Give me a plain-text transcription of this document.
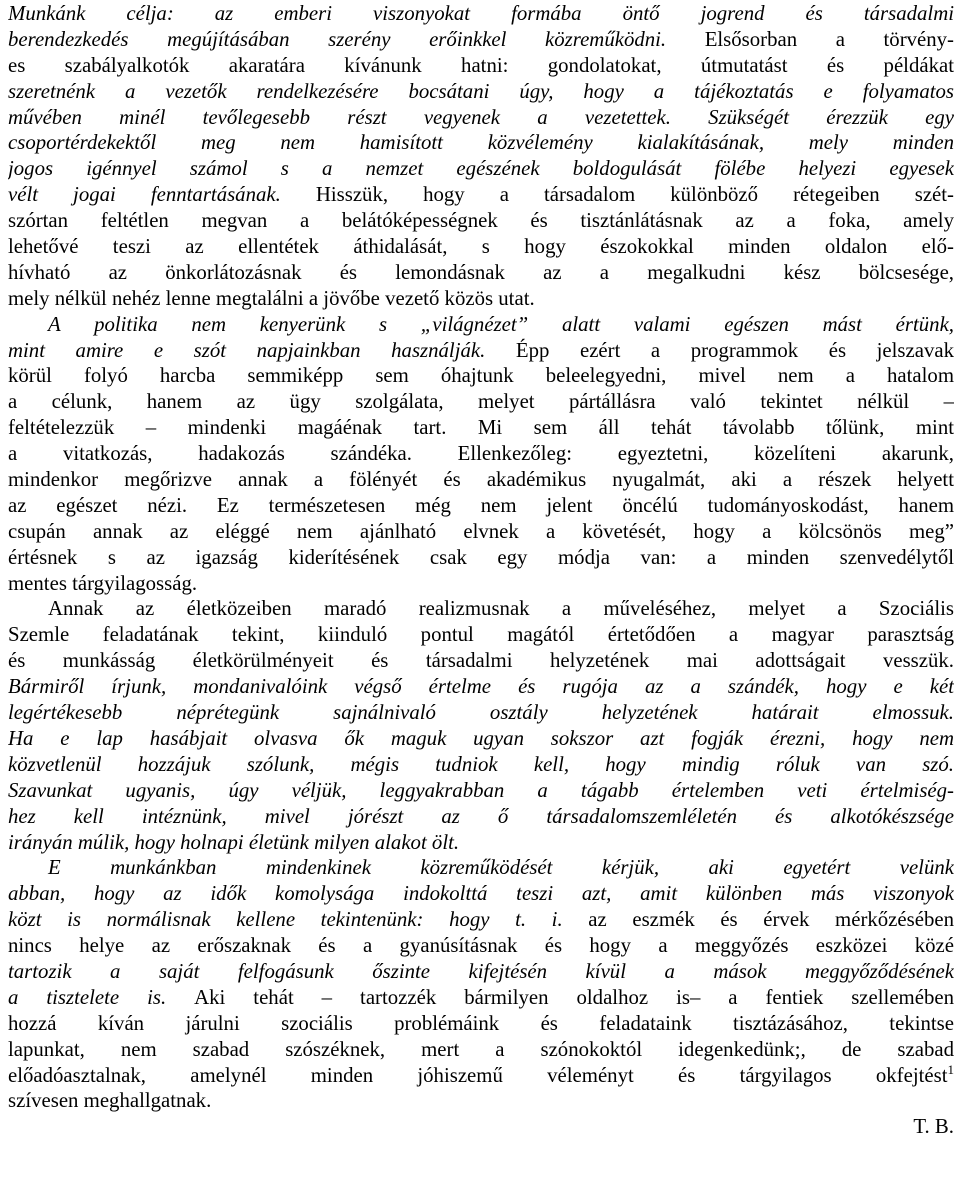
Munkánk célja: az emberi viszonyokat formába öntő jogrend és társadalmi
berendezkedés megújításában szerény erőinkkel közreműködni. Elsősorban a törvény-
es szabályalkotók akaratára kívánunk hatni: gondolatokat, útmutatást és példákat
szeretnénk a vezetők rendelkezésére bocsátani úgy, hogy a tájékoztatás e folyamatos
művében minél tevőlegesebb részt vegyenek a vezetettek. Szükségét érezzük egy
csoportérdekektől meg nem hamisított közvélemény kialakításának, mely minden
jogos igénnyel számol s a nemzet egészének boldogulását fölébe helyezi egyesek
vélt jogai fenntartásának. Hisszük, hogy a társadalom különböző rétegeiben szét-
szórtan feltétlen megvan a belátóképességnek és tisztánlátásnak az a foka, amely
lehetővé teszi az ellentétek áthidalását, s hogy észokokkal minden oldalon elő-
hívható az önkorlátozásnak és lemondásnak az a megalkudni kész bölcsesége,
mely nélkül nehéz lenne megtalálni a jövőbe vezető közös utat.
A politika nem kenyerünk s „világnézet” alatt valami egészen mást értünk,
mint amire e szót napjainkban használják. Épp ezért a programmok és jelszavak
körül folyó harcba semmiképp sem óhajtunk beleelegyedni, mivel nem a hatalom
a célunk, hanem az ügy szolgálata, melyet pártállásra való tekintet nélkül –
feltételezzük – mindenki magáénak tart. Mi sem áll tehát távolabb tőlünk, mint
a vitatkozás, hadakozás szándéka. Ellenkezőleg: egyeztetni, közelíteni akarunk,
mindenkor megőrizve annak a fölényét és akadémikus nyugalmát, aki a részek helyett
az egészet nézi. Ez természetesen még nem jelent öncélú tudományoskodást, hanem
csupán annak az eléggé nem ajánlható elvnek a követését, hogy a kölcsönös meg”
értésnek s az igazság kiderítésének csak egy módja van: a minden szenvedélytől
mentes tárgyilagosság.
Annak az életközeiben maradó realizmusnak a műveléséhez, melyet a Szociális
Szemle feladatának tekint, kiinduló pontul magától értetődően a magyar parasztság
és munkásság életkörülményeit és társadalmi helyzetének mai adottságait vesszük.
Bármiről írjunk, mondanivalóink végső értelme és rugója az a szándék, hogy e két
legértékesebb néprétegünk sajnálnivaló osztály helyzetének határait elmossuk.
Ha e lap hasábjait olvasva ők maguk ugyan sokszor azt fogják érezni, hogy nem
közvetlenül hozzájuk szólunk, mégis tudniok kell, hogy mindig róluk van szó.
Szavunkat ugyanis, úgy véljük, leggyakrabban a tágabb értelemben veti értelmiség-
hez kell intéznünk, mivel jórészt az ő társadalomszemléletén és alkotókészsége
irányán múlik, hogy holnapi életünk milyen alakot ölt.
E munkánkban mindenkinek közreműködését kérjük, aki egyetért velünk
abban, hogy az idők komolysága indokolttá teszi azt, amit különben más viszonyok
közt is normálisnak kellene tekintenünk: hogy t. i. az eszmék és érvek mérkőzésében
nincs helye az erőszaknak és a gyanúsításnak és hogy a meggyőzés eszközei közé
tartozik a saját felfogásunk őszinte kifejtésén kívül a mások meggyőződésének
a tisztelete is. Aki tehát – tartozzék bármilyen oldalhoz is– a fentiek szellemében
hozzá kíván járulni szociális problémáink és feladataink tisztázásához, tekintse
lapunkat, nem szabad szószéknek, mert a szónokoktól idegenkedünk;, de szabad
előadóasztalnak, amelynél minden jóhiszemű véleményt és tárgyilagos okfejtést$^1$
szívesen meghallgatnak.
T. B.
